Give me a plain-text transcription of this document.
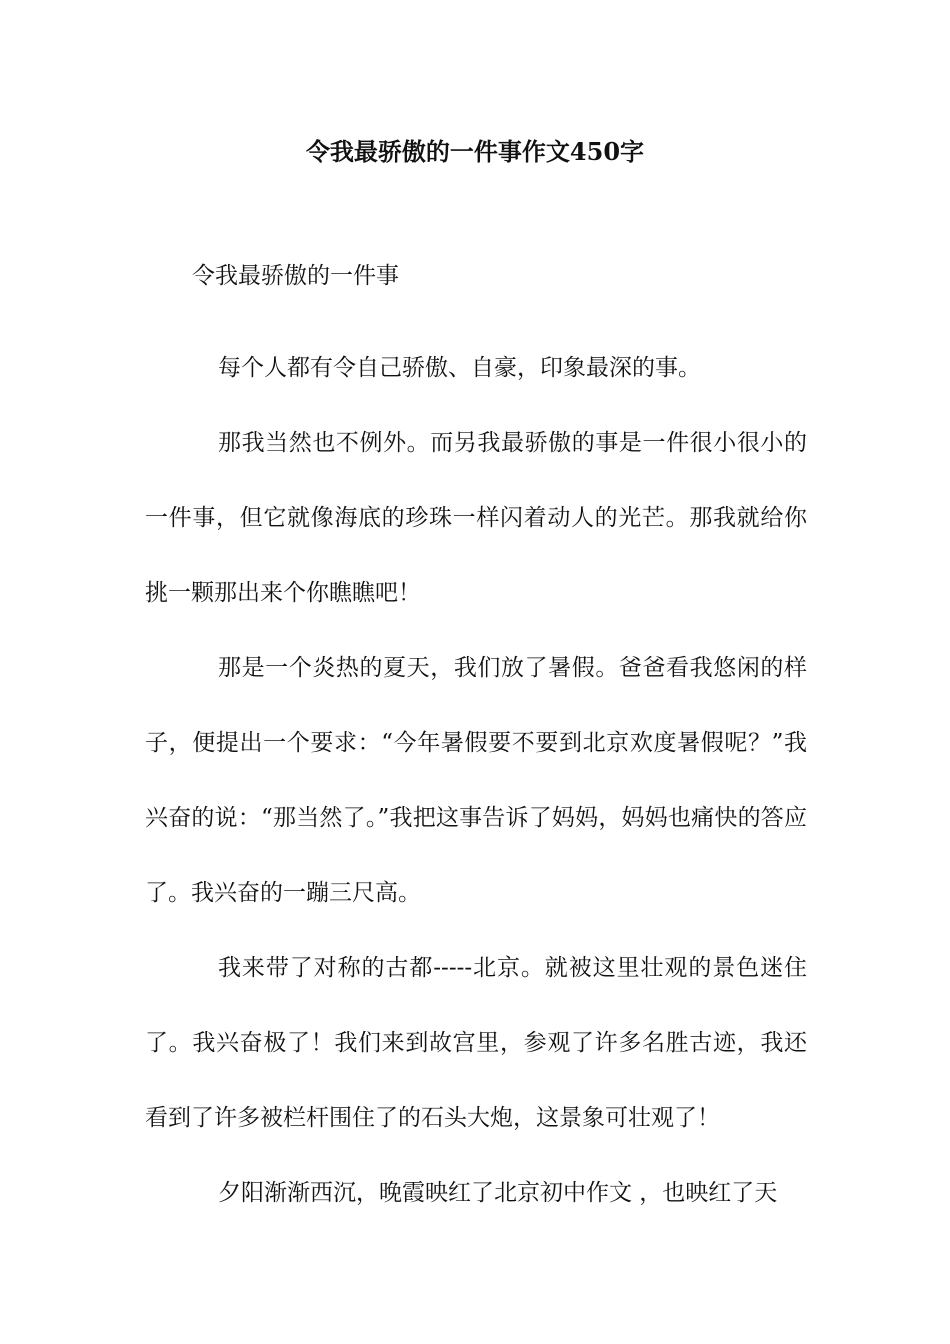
令我最骄傲的一件事作文450字
令我最骄傲的一件事

每个人都有令自己骄傲、自豪，印象最深的事。

那我当然也不例外。而另我最骄傲的事是一件很小很小的一件事，但它就像海底的珍珠一样闪着动人的光芒。那我就给你挑一颗那出来个你瞧瞧吧！

那是一个炎热的夏天，我们放了暑假。爸爸看我悠闲的样子，便提出一个要求：“今年暑假要不要到北京欢度暑假呢？”我兴奋的说：“那当然了。”我把这事告诉了妈妈，妈妈也痛快的答应了。我兴奋的一蹦三尺高。

我来带了对称的古都-----北京。就被这里壮观的景色迷住了。我兴奋极了！我们来到故宫里，参观了许多名胜古迹，我还看到了许多被栏杆围住了的石头大炮，这景象可壮观了！

夕阳渐渐西沉，晚霞映红了北京初中作文 ，也映红了天
